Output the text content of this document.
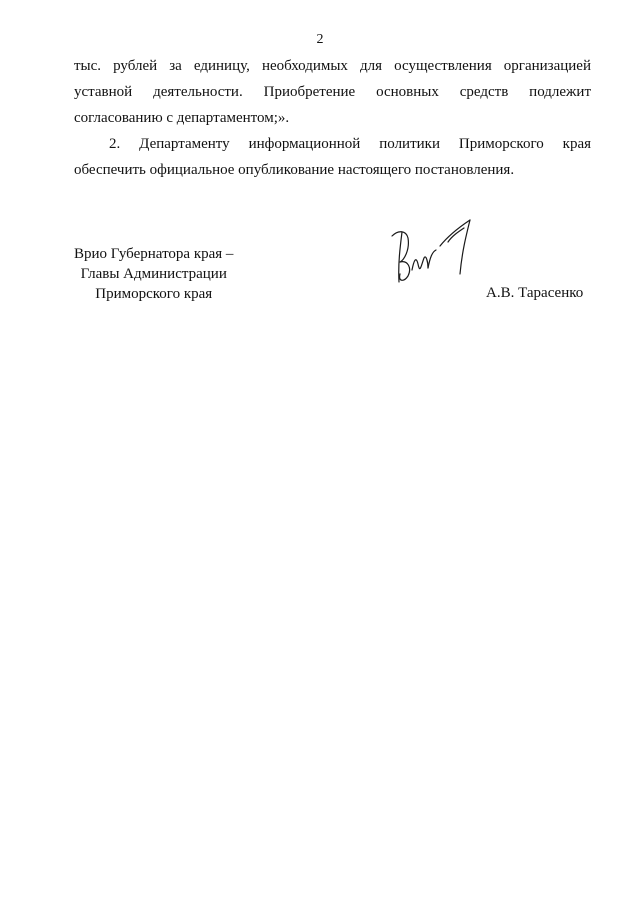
2
тыс. рублей за единицу, необходимых для осуществления организацией
уставной деятельности. Приобретение основных средств подлежит
согласованию с департаментом;».
2. Департаменту информационной политики Приморского края
обеспечить официальное опубликование настоящего постановления.
Врио Губернатора края –
Главы Администрации
Приморского края	А.В. Тарасенко
